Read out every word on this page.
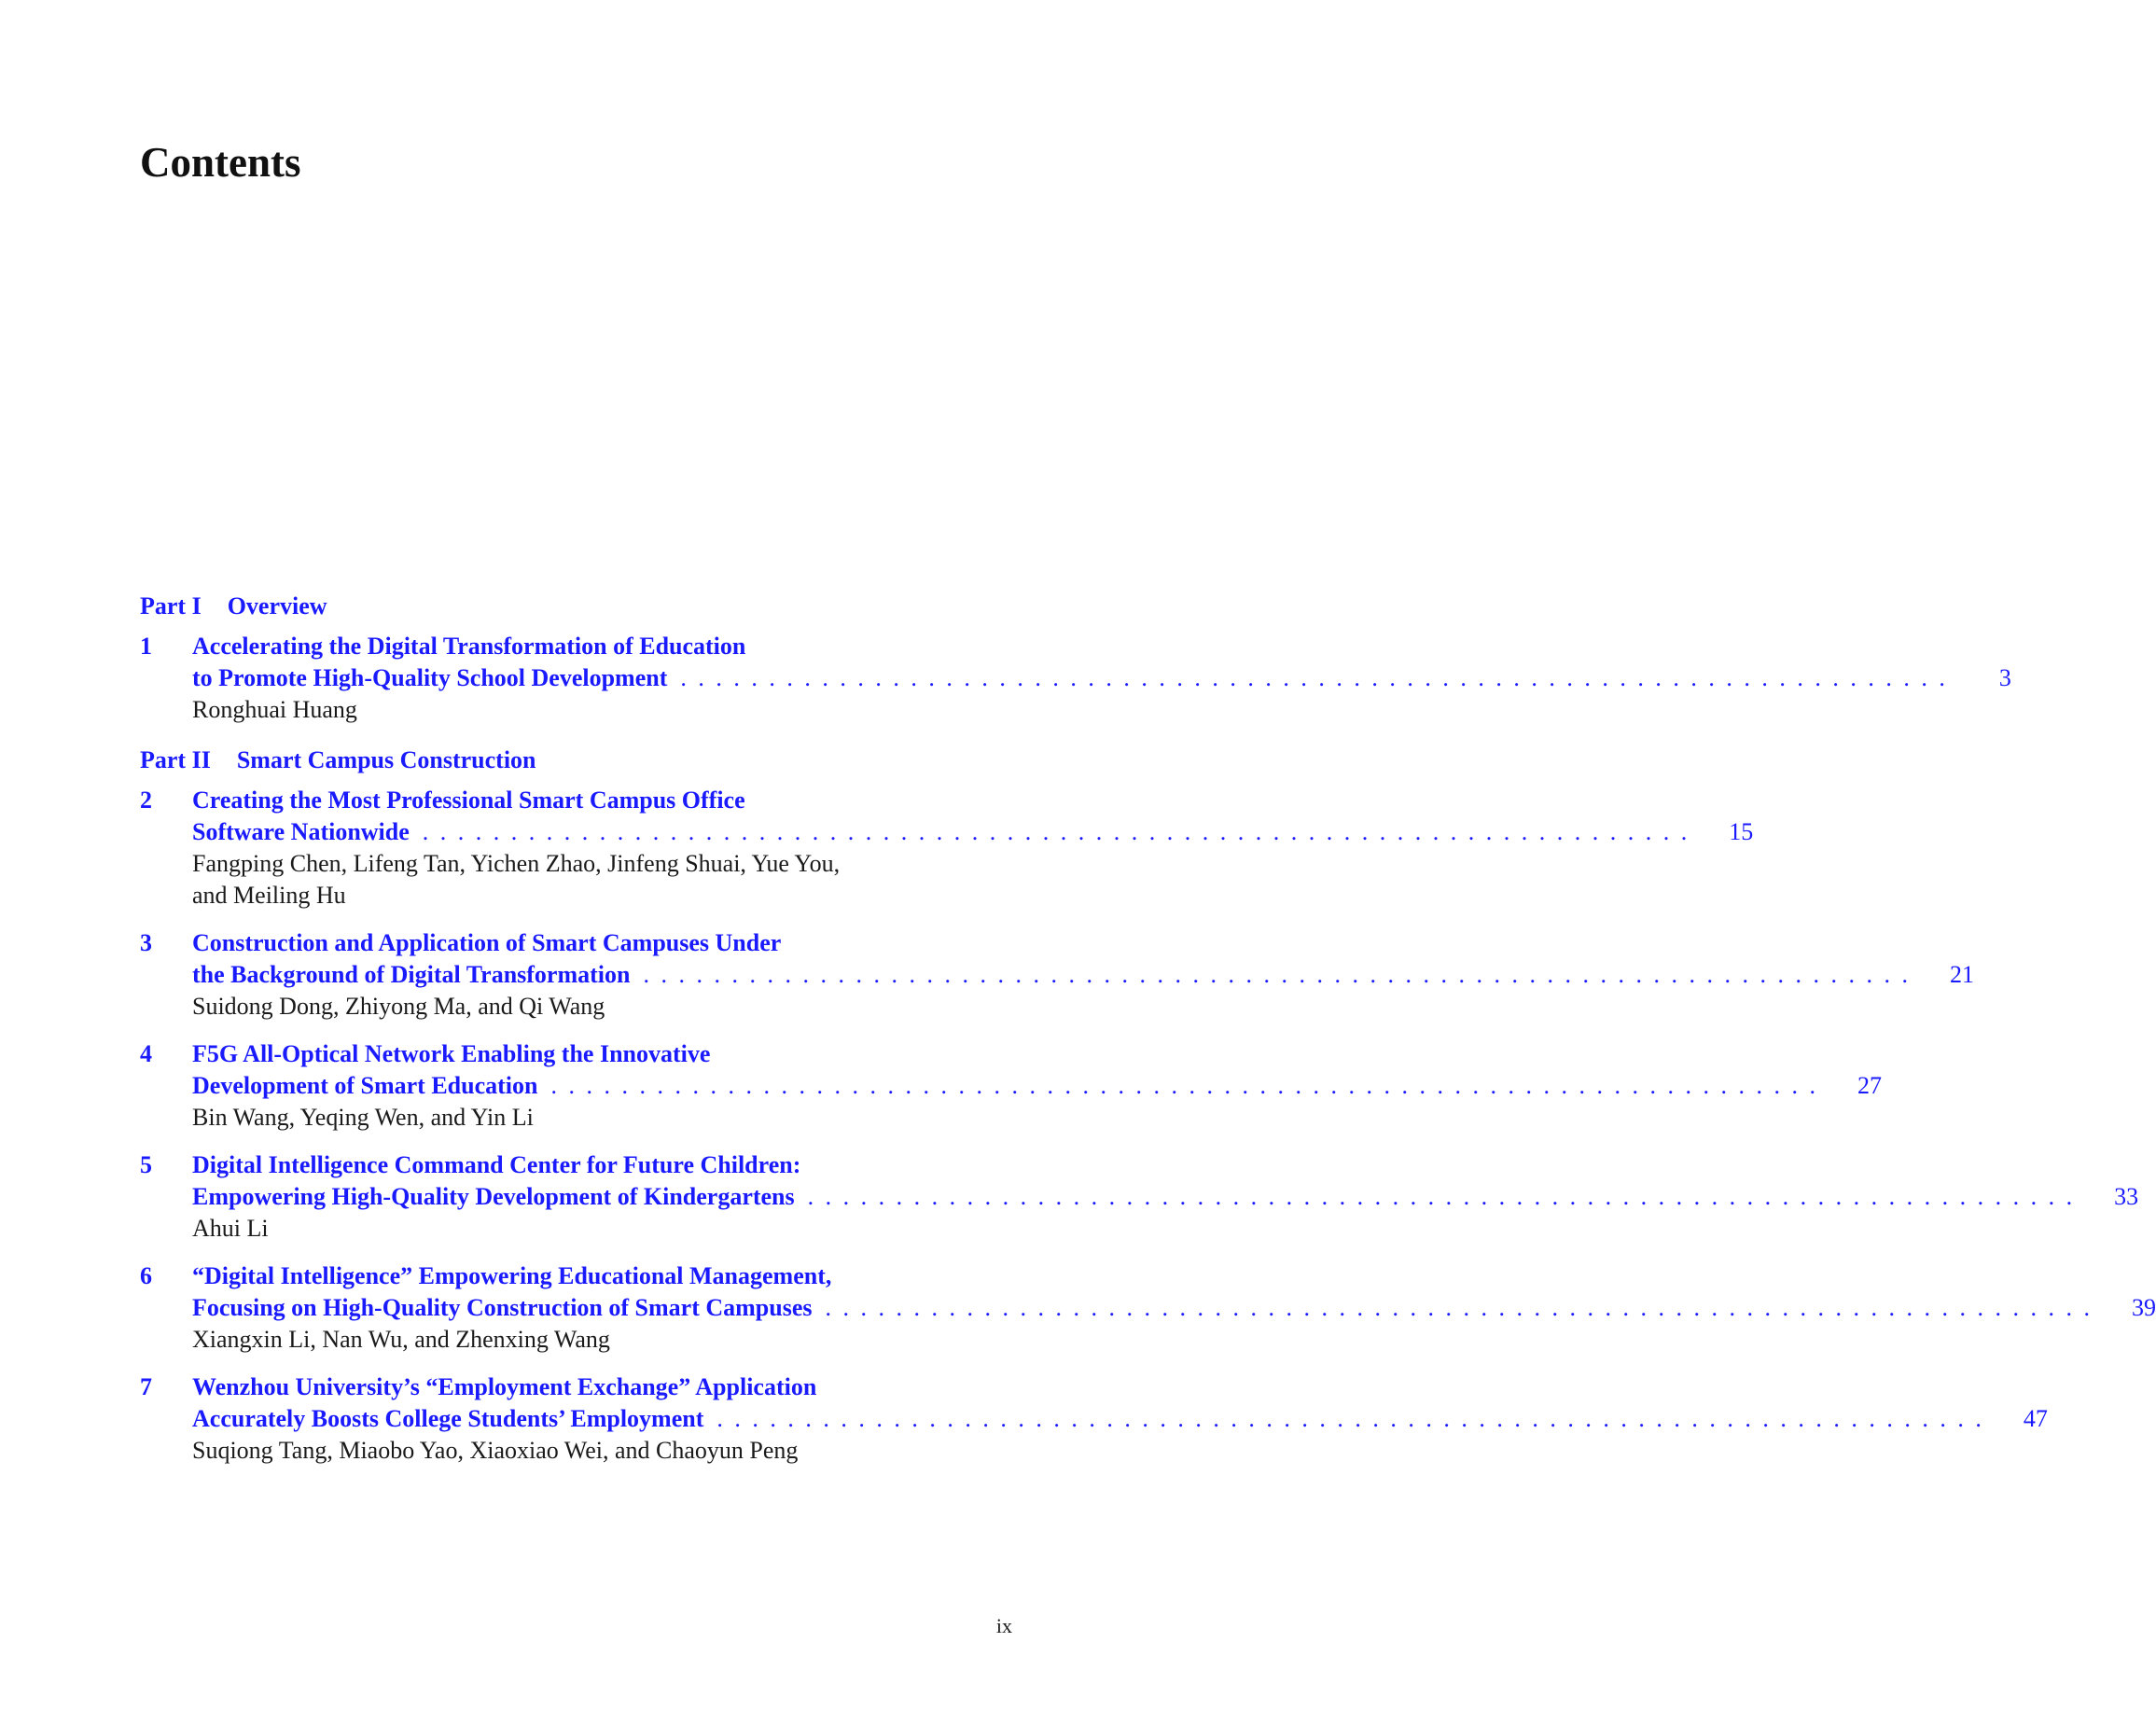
Contents
Part I Overview
1	Accelerating the Digital Transformation of Education
to Promote High-Quality School Development . . .	3
Ronghuai Huang
Part II Smart Campus Construction
2	Creating the Most Professional Smart Campus Office
Software Nationwide . . .	15
Fangping Chen, Lifeng Tan, Yichen Zhao, Jinfeng Shuai, Yue You, and Meiling Hu
3	Construction and Application of Smart Campuses Under
the Background of Digital Transformation . . .	21
Suidong Dong, Zhiyong Ma, and Qi Wang
4	F5G All-Optical Network Enabling the Innovative
Development of Smart Education . . .	27
Bin Wang, Yeqing Wen, and Yin Li
5	Digital Intelligence Command Center for Future Children:
Empowering High-Quality Development of Kindergartens . . .	33
Ahui Li
6	“Digital Intelligence” Empowering Educational Management,
Focusing on High-Quality Construction of Smart Campuses . . .	39
Xiangxin Li, Nan Wu, and Zhenxing Wang
7	Wenzhou University’s “Employment Exchange” Application
Accurately Boosts College Students’ Employment . . .	47
Suqiong Tang, Miaobo Yao, Xiaoxiao Wei, and Chaoyun Peng
ix
